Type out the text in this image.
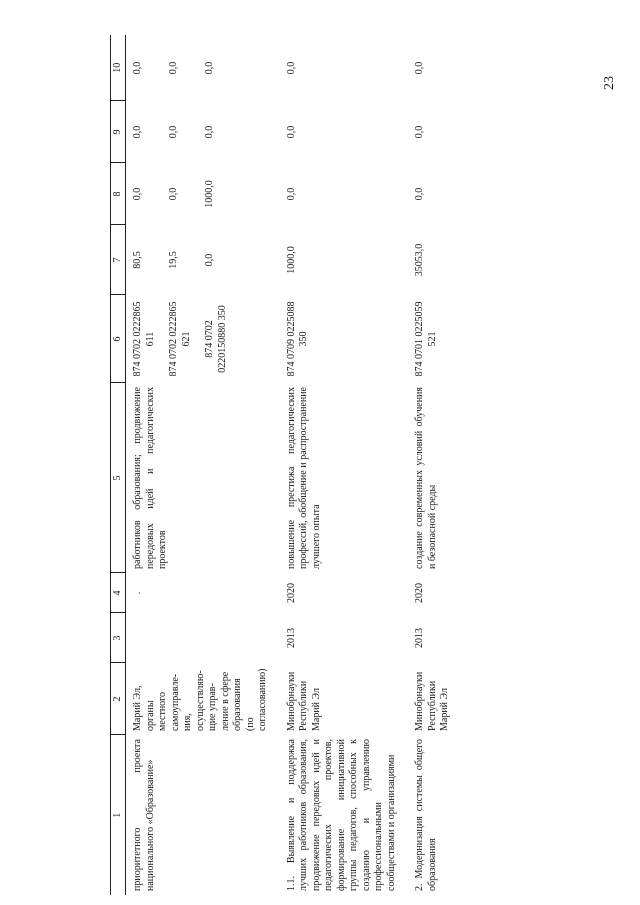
23
1	2	3	4	5	6	7	8	9	10
приоритетного проекта национального «Образование»	Марий Эл, органы местного самоуправле-ния, осуществляю-щие управ-ление в сфере образования (по согласованию)		.	работников образования; продвижение передовых идей и педагогических проектов	874 0702 0222865 611 874 0702 0222865 621 874 0702 0220150880 350	80,5 19,5 0,0	0,0 0,0 1000,0	0,0 0,0 0,0	0,0 0,0 0,0

1.1. Выявление и поддержка лучших работников образования, продвижение передовых идей и педагогических проектов, формирование инициативной группы педагогов, способных к созданию и управлению профессиональными сообществами и организациями	Минобрнауки Республики Марий Эл	2013	2020	повышение престижа педагогических профессий, обобщение и распространение лучшего опыта	874 0709 0225088 350	1000,0	0,0	0,0	0,0
2. Модернизация системы общего образования	Минобрнауки Республики Марий Эл	2013	2020	создание современных условий обучения и безопасной среды	874 0701 0225059 521	35053,0	0,0	0,0	0,0
